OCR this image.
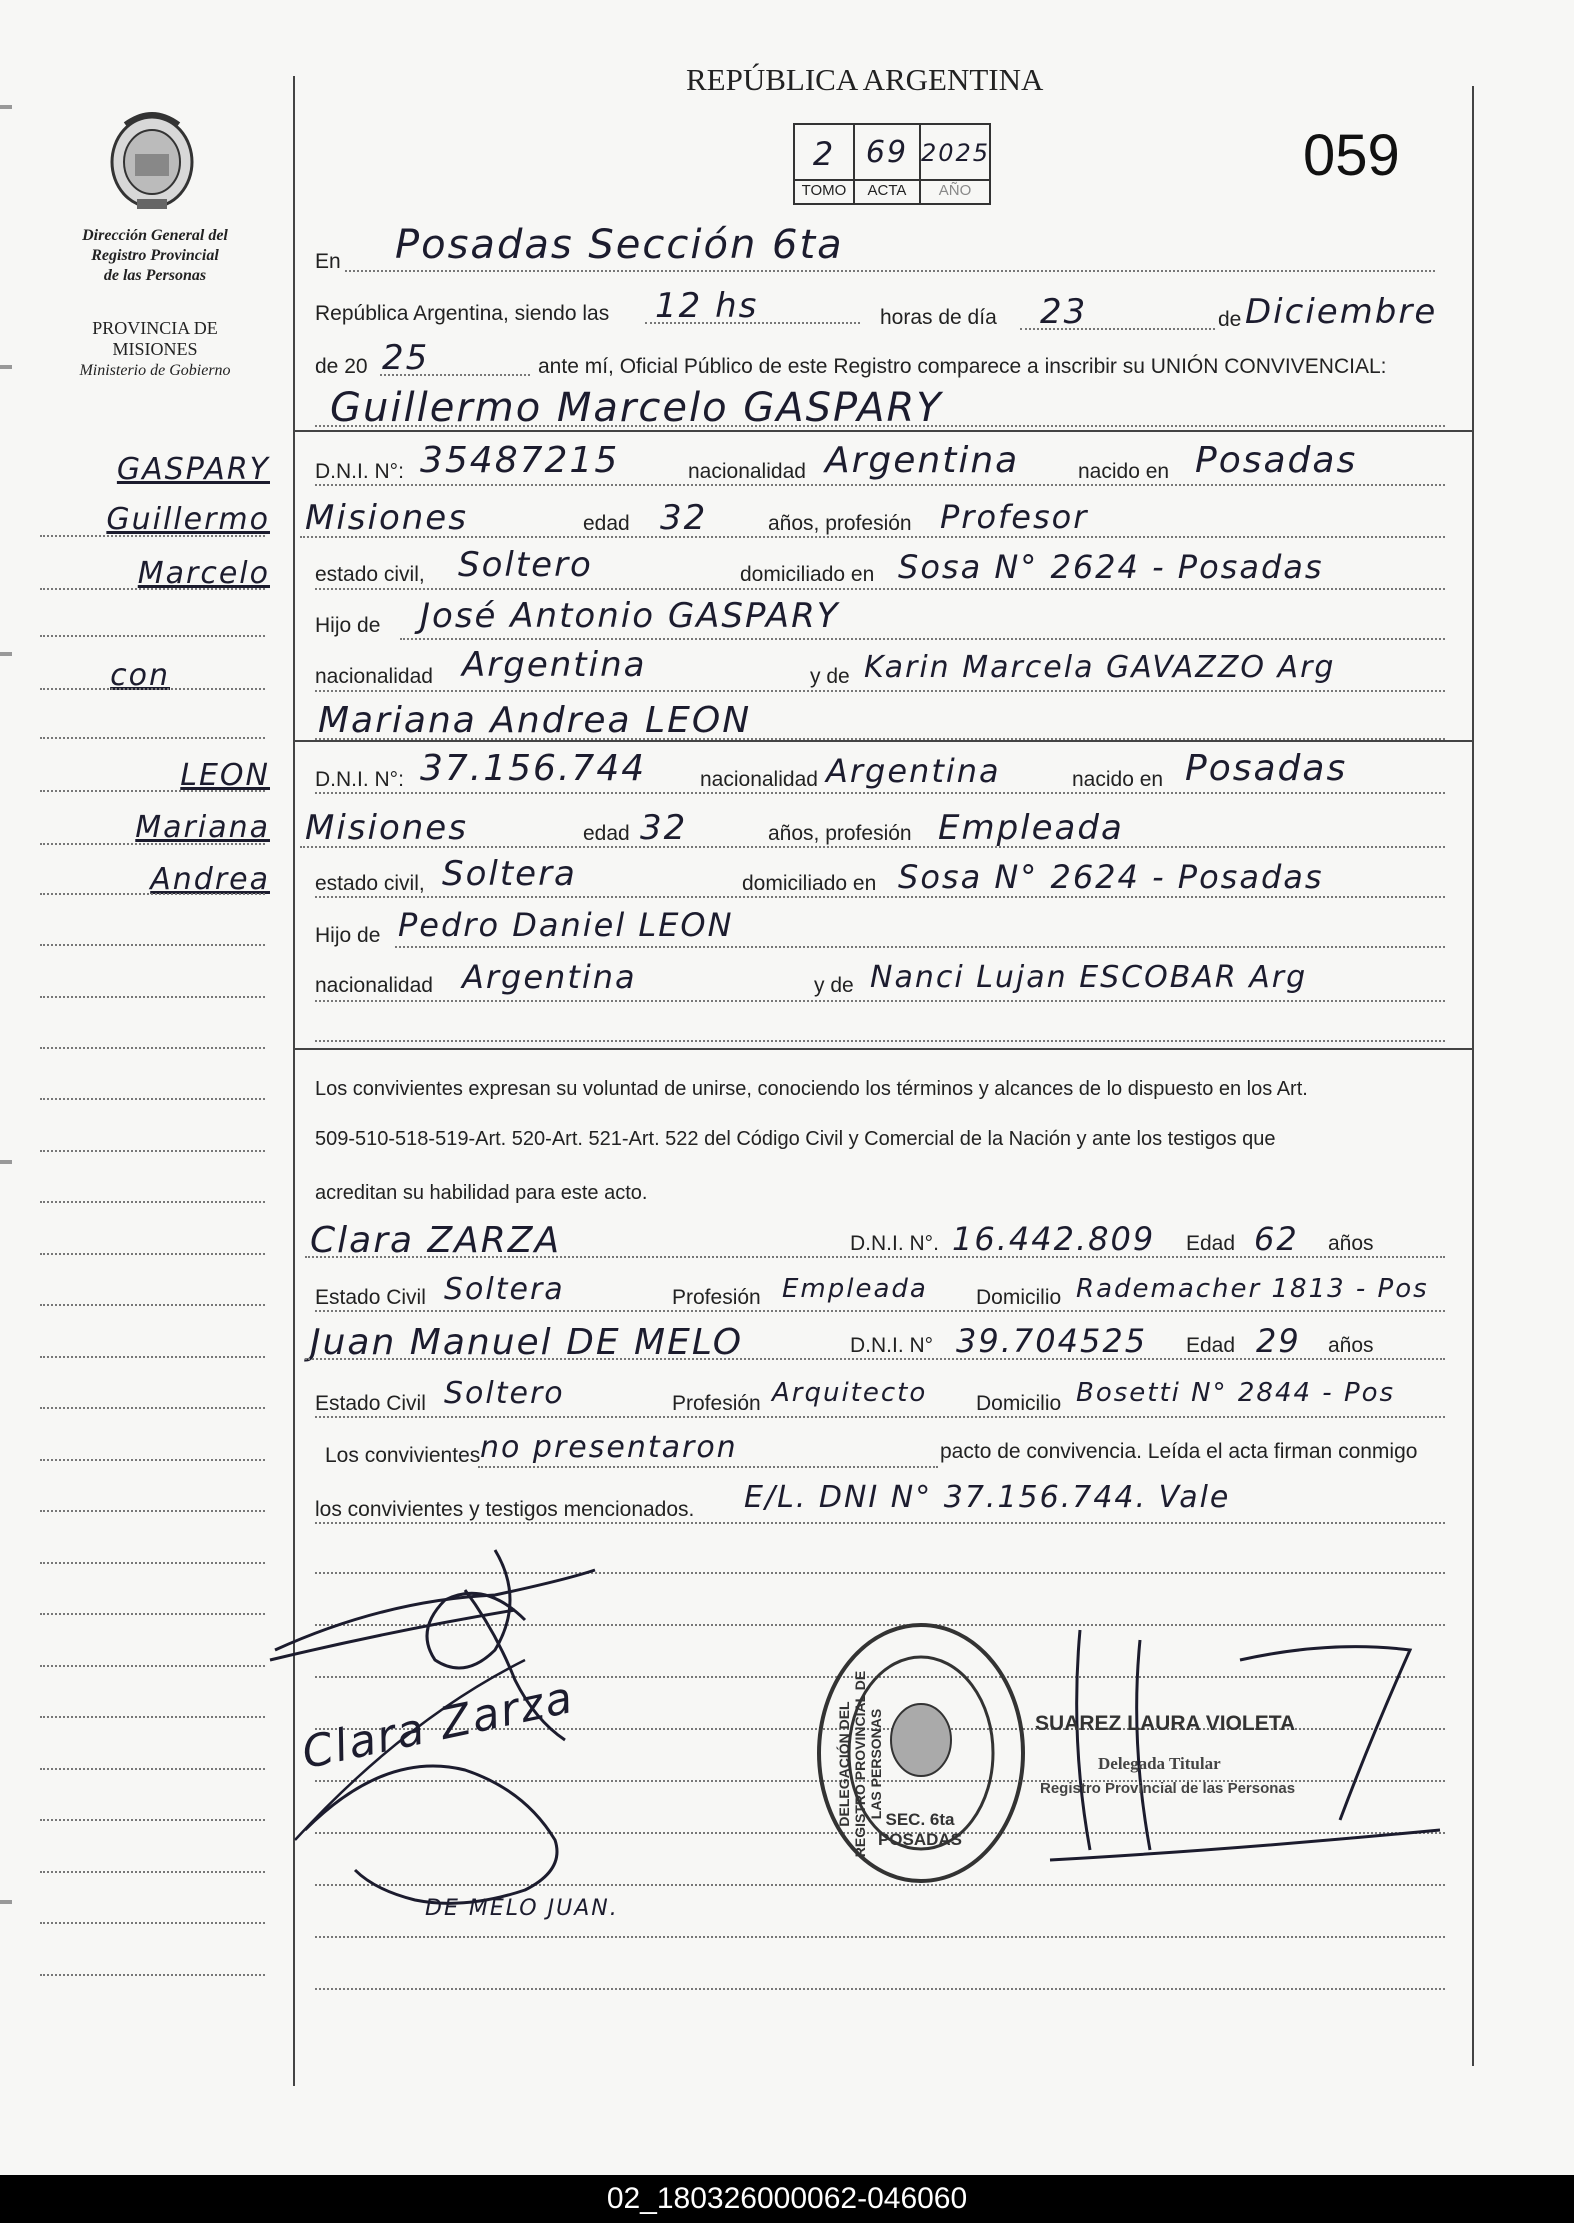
Dirección General del
Registro Provincial
de las Personas
PROVINCIA DE
MISIONES
Ministerio de Gobierno
GASPARY
Guillermo
Marcelo
con
LEON
Mariana
Andrea
REPÚBLICA ARGENTINA
2	69 2025
TOMO	ACTA	AÑO
059
En Posadas Sección 6ta
República Argentina, siendo las 12 hs	horas de día 23	de Diciembre
de 20 25	ante mí, Oficial Público de este Registro comparece a inscribir su UNIÓN CONVIVENCIAL:
Guillermo Marcelo GASPARY
D.N.I. N°: 35487215	nacionalidad Argentina	nacido en Posadas
Misiones	edad 32	años, profesión Profesor
estado civil, Soltero	domiciliado en Sosa N° 2624 - Posadas
Hijo de José Antonio GASPARY
nacionalidad Argentina	y de Karin Marcela GAVAZZO Arg
Mariana Andrea LEON
D.N.I. N°: 37.156.744	nacionalidad Argentina	nacido en Posadas
Misiones	edad 32	años, profesión Empleada
estado civil, Soltera	domiciliado en Sosa N° 2624 - Posadas
Hijo de Pedro Daniel LEON
nacionalidad Argentina	y de Nanci Lujan ESCOBAR Arg
Los convivientes expresan su voluntad de unirse, conociendo los términos y alcances de lo dispuesto en los Art.
509-510-518-519-Art. 520-Art. 521-Art. 522 del Código Civil y Comercial de la Nación y ante los testigos que
acreditan su habilidad para este acto.
Clara ZARZA	D.N.I. N°. 16.442.809 Edad 62 años
Estado Civil Soltera	Profesión Empleada Domicilio Rademacher 1813 - Pos
Juan Manuel DE MELO	D.N.I. N° 39.704525 Edad 29 años
Estado Civil Soltero	Profesión Arquitecto Domicilio Bosetti N° 2844 - Pos
Los convivientes no presentaron	pacto de convivencia. Leída el acta firman conmigo
los convivientes y testigos mencionados. E/L. DNI N° 37.156.744. Vale
Clara Zarza
DE MELO JUAN.
DELEGACIÓN DEL REGISTRO PROVINCIAL DE LAS PERSONAS
SEC. 6ta POSADAS
SUAREZ LAURA VIOLETA
Delegada Titular
Registro Provincial de las Personas
02_180326000062-046060
